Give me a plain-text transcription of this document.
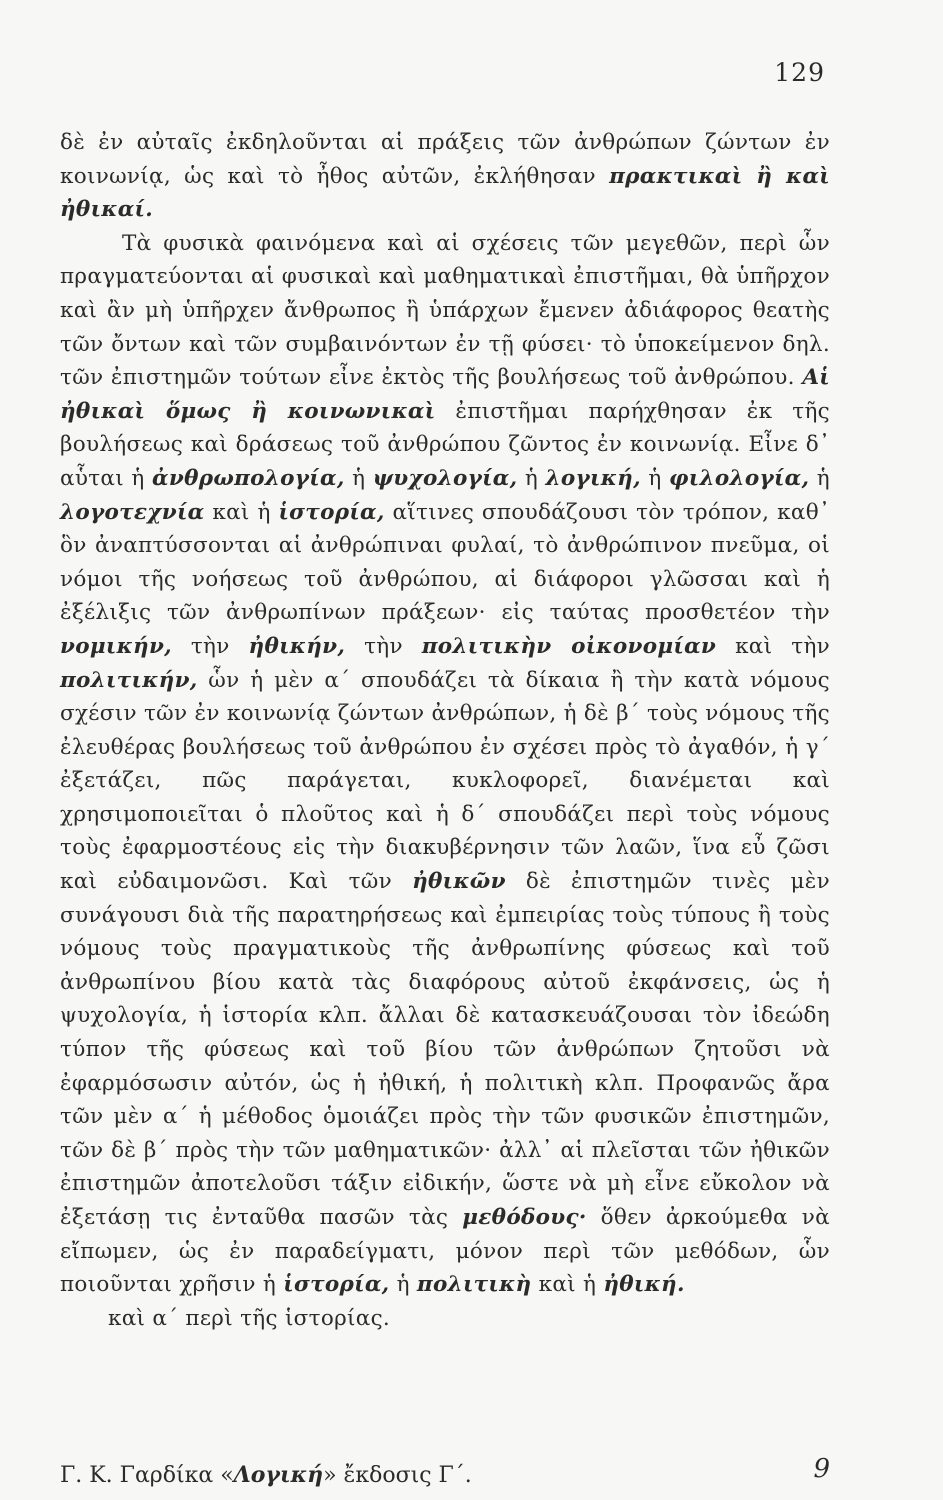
129

δὲ ἐν αὐταῖς ἐκδηλοῦνται αἱ πράξεις τῶν ἀνθρώπων ζώντων ἐν κοινωνίᾳ, ὡς καὶ τὸ ἦθος αὐτῶν, ἐκλήθησαν πρακτικαὶ ἢ καὶ ἠθικαί.

Τὰ φυσικὰ φαινόμενα καὶ αἱ σχέσεις τῶν μεγεθῶν, περὶ ὧν πραγματεύονται αἱ φυσικαὶ καὶ μαθηματικαὶ ἐπιστῆμαι, θὰ ὑπῆρχον καὶ ἂν μὴ ὑπῆρχεν ἄνθρωπος ἢ ὑπάρχων ἔμενεν ἀδιάφορος θεατὴς τῶν ὄντων καὶ τῶν συμβαινόντων ἐν τῇ φύσει· τὸ ὑποκείμενον δηλ. τῶν ἐπιστημῶν τούτων εἶνε ἐκτὸς τῆς βουλήσεως τοῦ ἀνθρώπου. Αἱ ἠθικαὶ ὅμως ἢ κοινωνικαὶ ἐπιστῆμαι παρήχθησαν ἐκ τῆς βουλήσεως καὶ δράσεως τοῦ ἀνθρώπου ζῶντος ἐν κοινωνίᾳ. Εἶνε δ᾿ αὗται ἡ ἀνθρωπολογία, ἡ ψυχολογία, ἡ λογική, ἡ φιλολογία, ἡ λογοτεχνία καὶ ἡ ἱστορία, αἵτινες σπουδάζουσι τὸν τρόπον, καθ᾿ ὃν ἀναπτύσσονται αἱ ἀνθρώπιναι φυλαί, τὸ ἀνθρώπινον πνεῦμα, οἱ νόμοι τῆς νοήσεως τοῦ ἀνθρώπου, αἱ διάφοροι γλῶσσαι καὶ ἡ ἐξέλιξις τῶν ἀνθρωπίνων πράξεων· εἰς ταύτας προσθετέον τὴν νομικήν, τὴν ἠθικήν, τὴν πολιτικὴν οἰκονομίαν καὶ τὴν πολιτικήν, ὧν ἡ μὲν α΄ σπουδάζει τὰ δίκαια ἢ τὴν κατὰ νόμους σχέσιν τῶν ἐν κοινωνίᾳ ζώντων ἀνθρώπων, ἡ δὲ β΄ τοὺς νόμους τῆς ἐλευθέρας βουλήσεως τοῦ ἀνθρώπου ἐν σχέσει πρὸς τὸ ἀγαθόν, ἡ γ΄ ἐξετάζει, πῶς παράγεται, κυκλοφορεῖ, διανέμεται καὶ χρησιμοποιεῖται ὁ πλοῦτος καὶ ἡ δ΄ σπουδάζει περὶ τοὺς νόμους τοὺς ἐφαρμοστέους εἰς τὴν διακυβέρνησιν τῶν λαῶν, ἵνα εὖ ζῶσι καὶ εὐδαιμονῶσι. Καὶ τῶν ἠθικῶν δὲ ἐπιστημῶν τινὲς μὲν συνάγουσι διὰ τῆς παρατηρήσεως καὶ ἐμπειρίας τοὺς τύπους ἢ τοὺς νόμους τοὺς πραγματικοὺς τῆς ἀνθρωπίνης φύσεως καὶ τοῦ ἀνθρωπίνου βίου κατὰ τὰς διαφόρους αὐτοῦ ἐκφάνσεις, ὡς ἡ ψυχολογία, ἡ ἱστορία κλπ. ἄλλαι δὲ κατασκευάζουσαι τὸν ἰδεώδη τύπον τῆς φύσεως καὶ τοῦ βίου τῶν ἀνθρώπων ζητοῦσι νὰ ἐφαρμόσωσιν αὐτόν, ὡς ἡ ἠθική, ἡ πολιτικὴ κλπ. Προφανῶς ἄρα τῶν μὲν α΄ ἡ μέθοδος ὁμοιάζει πρὸς τὴν τῶν φυσικῶν ἐπιστημῶν, τῶν δὲ β΄ πρὸς τὴν τῶν μαθηματικῶν· ἀλλ᾿ αἱ πλεῖσται τῶν ἠθικῶν ἐπιστημῶν ἀποτελοῦσι τάξιν εἰδικήν, ὥστε νὰ μὴ εἶνε εὔκολον νὰ ἐξετάσῃ τις ἐνταῦθα πασῶν τὰς μεθόδους· ὅθεν ἀρκούμεθα νὰ εἴπωμεν, ὡς ἐν παραδείγματι, μόνον περὶ τῶν μεθόδων, ὧν ποιοῦνται χρῆσιν ἡ ἱστορία, ἡ πολιτικὴ καὶ ἡ ἠθική.

καὶ α΄ περὶ τῆς ἱστορίας.

Γ. Κ. Γαρδίκα «Λογική» ἔκδοσις Γ΄.	9
